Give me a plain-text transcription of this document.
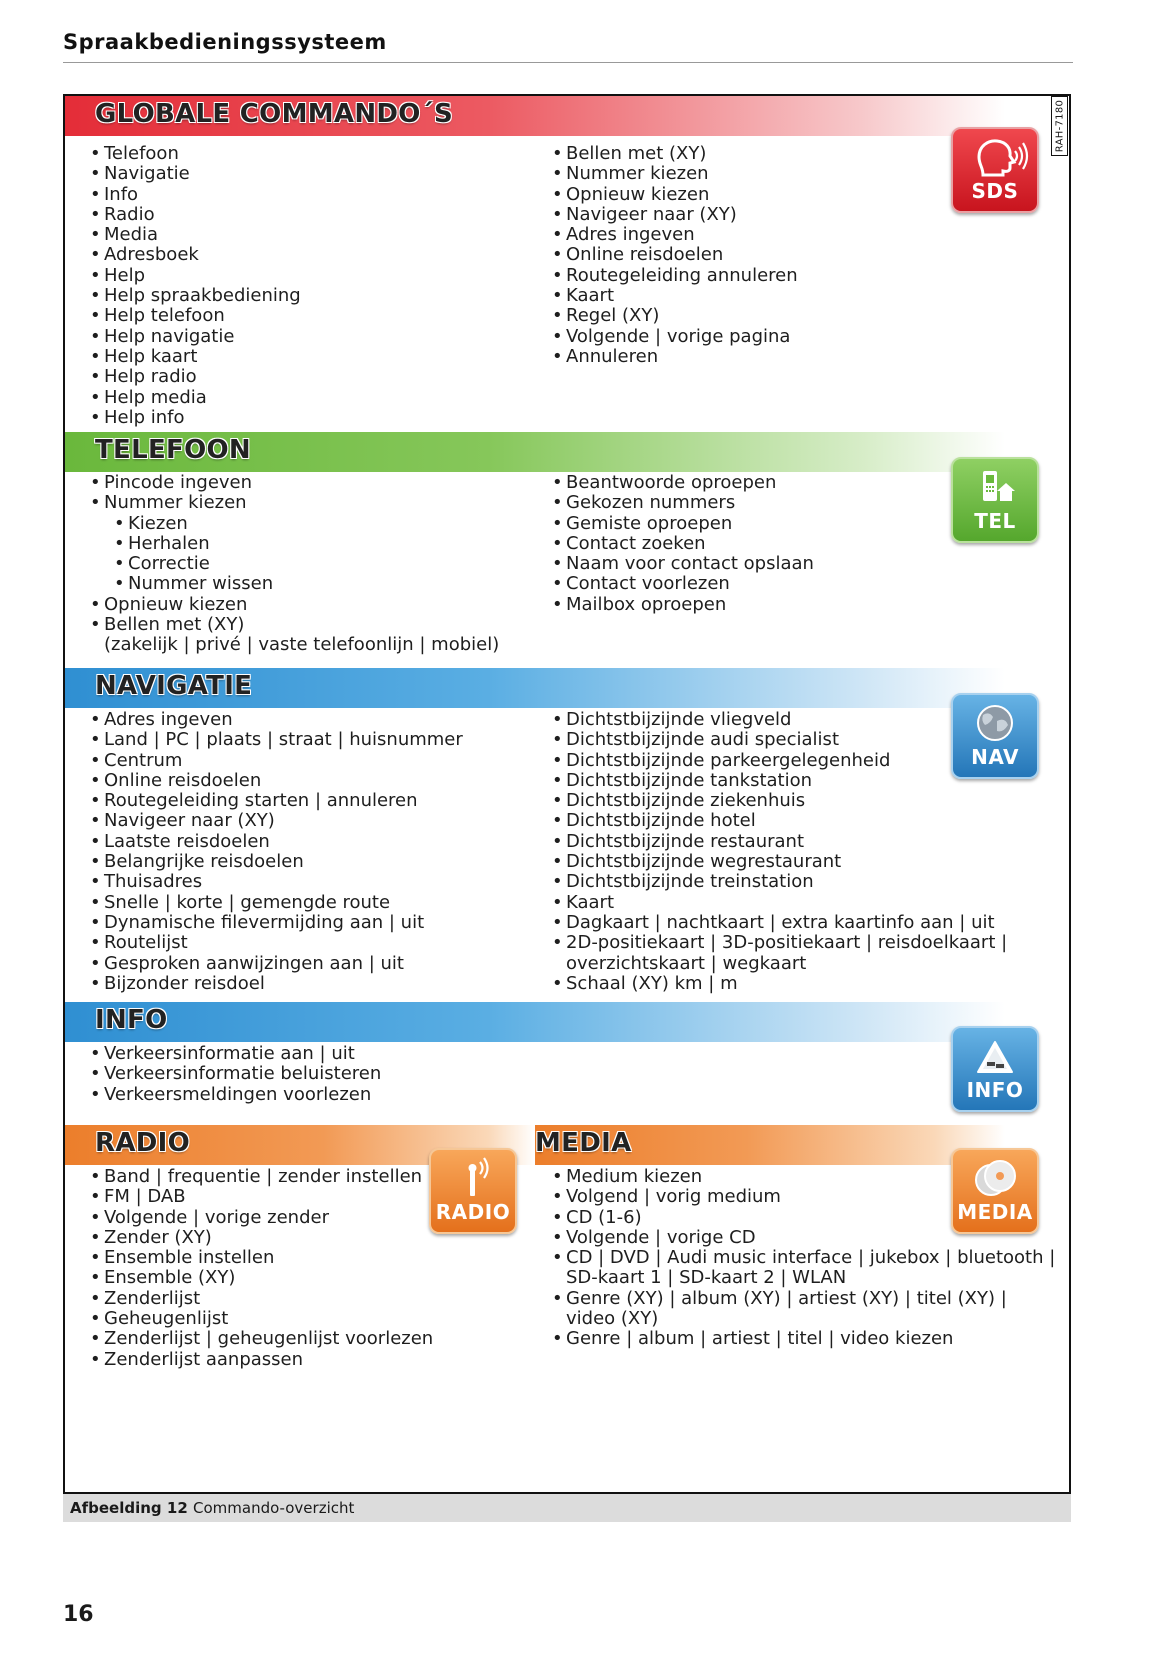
Spraakbedieningssysteem
RAH-7180
GLOBALE COMMANDO´S
• Telefoon
• Navigatie
• Info
• Radio
• Media
• Adresboek
• Help
• Help spraakbediening
• Help telefoon
• Help navigatie
• Help kaart
• Help radio
• Help media
• Help info
• Bellen met (XY)
• Nummer kiezen
• Opnieuw kiezen
• Navigeer naar (XY)
• Adres ingeven
• Online reisdoelen
• Routegeleiding annuleren
• Kaart
• Regel (XY)
• Volgende | vorige pagina
• Annuleren
SDS
TELEFOON
• Pincode ingeven
• Nummer kiezen
• Kiezen
• Herhalen
• Correctie
• Nummer wissen
• Opnieuw kiezen
• Bellen met (XY)
(zakelijk | privé | vaste telefoonlijn | mobiel)
• Beantwoorde oproepen
• Gekozen nummers
• Gemiste oproepen
• Contact zoeken
• Naam voor contact opslaan
• Contact voorlezen
• Mailbox oproepen
TEL
NAVIGATIE
• Adres ingeven
• Land | PC | plaats | straat | huisnummer
• Centrum
• Online reisdoelen
• Routegeleiding starten | annuleren
• Navigeer naar (XY)
• Laatste reisdoelen
• Belangrijke reisdoelen
• Thuisadres
• Snelle | korte | gemengde route
• Dynamische filevermijding aan | uit
• Routelijst
• Gesproken aanwijzingen aan | uit
• Bijzonder reisdoel
• Dichtstbijzijnde vliegveld
• Dichtstbijzijnde audi specialist
• Dichtstbijzijnde parkeergelegenheid
• Dichtstbijzijnde tankstation
• Dichtstbijzijnde ziekenhuis
• Dichtstbijzijnde hotel
• Dichtstbijzijnde restaurant
• Dichtstbijzijnde wegrestaurant
• Dichtstbijzijnde treinstation
• Kaart
• Dagkaart | nachtkaart | extra kaartinfo aan | uit
• 2D-positiekaart | 3D-positiekaart | reisdoelkaart |
overzichtskaart | wegkaart
• Schaal (XY) km | m
NAV
INFO
• Verkeersinformatie aan | uit
• Verkeersinformatie beluisteren
• Verkeersmeldingen voorlezen	INFO
RADIO
• Band | frequentie | zender instellen
• FM | DAB
• Volgende | vorige zender
• Zender (XY)
• Ensemble instellen
• Ensemble (XY)
• Zenderlijst
• Geheugenlijst
• Zenderlijst | geheugenlijst voorlezen
• Zenderlijst aanpassen
RADIO
MEDIA
• Medium kiezen
• Volgend | vorig medium
• CD (1-6)
• Volgende | vorige CD
• CD | DVD | Audi music interface | jukebox | bluetooth |
SD-kaart 1 | SD-kaart 2 | WLAN
• Genre (XY) | album (XY) | artiest (XY) | titel (XY) |
video (XY)
• Genre | album | artiest | titel | video kiezen
MEDIA
Afbeelding 12 Commando-overzicht
16
